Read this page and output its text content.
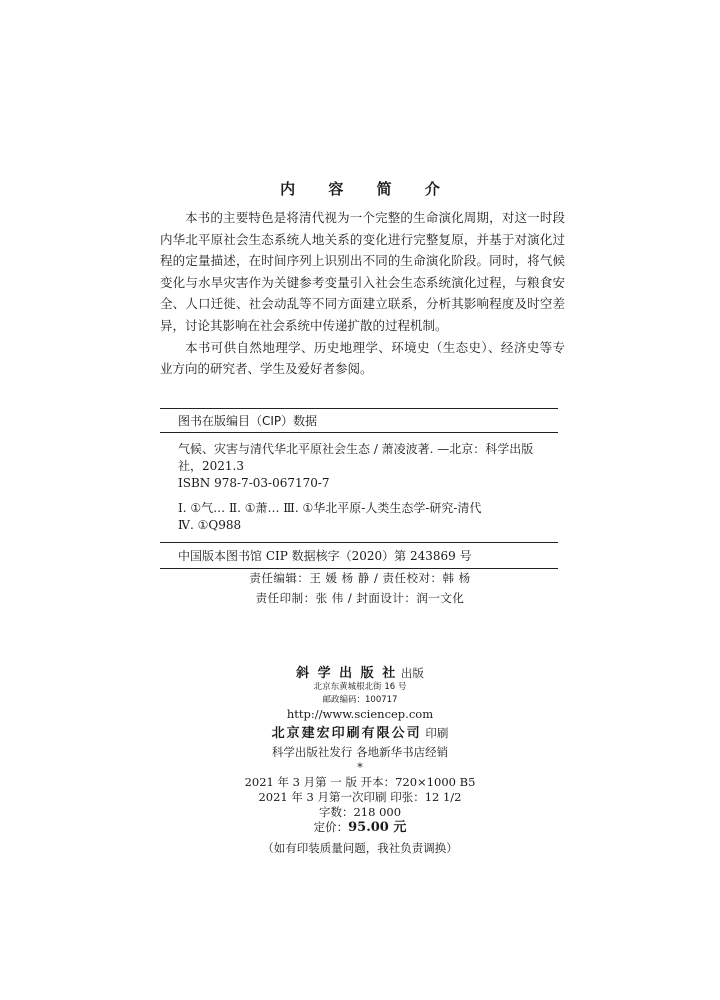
内 容 简 介

本书的主要特色是将清代视为一个完整的生命演化周期，对这一时段内华北平原社会生态系统人地关系的变化进行完整复原，并基于对演化过程的定量描述，在时间序列上识别出不同的生命演化阶段。同时，将气候变化与水旱灾害作为关键参考变量引入社会生态系统演化过程，与粮食安全、人口迁徙、社会动乱等不同方面建立联系，分析其影响程度及时空差异，讨论其影响在社会系统中传递扩散的过程机制。

本书可供自然地理学、历史地理学、环境史（生态史）、经济史等专业方向的研究者、学生及爱好者参阅。

图书在版编目（CIP）数据
气候、灾害与清代华北平原社会生态 / 萧凌波著. —北京：科学出版
社，2021.3
ISBN 978-7-03-067170-7
Ⅰ. ①气… Ⅱ. ①萧… Ⅲ. ①华北平原-人类生态学-研究-清代
Ⅳ. ①Q988
中国版本图书馆 CIP 数据核字（2020）第 243869 号
责任编辑：王 媛 杨 静 / 责任校对：韩 杨
责任印制：张 伟 / 封面设计：润一文化
斜 学 出 版 社 出版
北京东黄城根北街 16 号
邮政编码：100717
http://www.sciencep.com
北京建宏印刷有限公司 印刷
科学出版社发行 各地新华书店经销
*
2021 年 3 月第 一 版 开本：720×1000 B5
2021 年 3 月第一次印刷 印张：12 1/2
字数：218 000
定价：95.00 元
（如有印装质量问题，我社负责调换）
